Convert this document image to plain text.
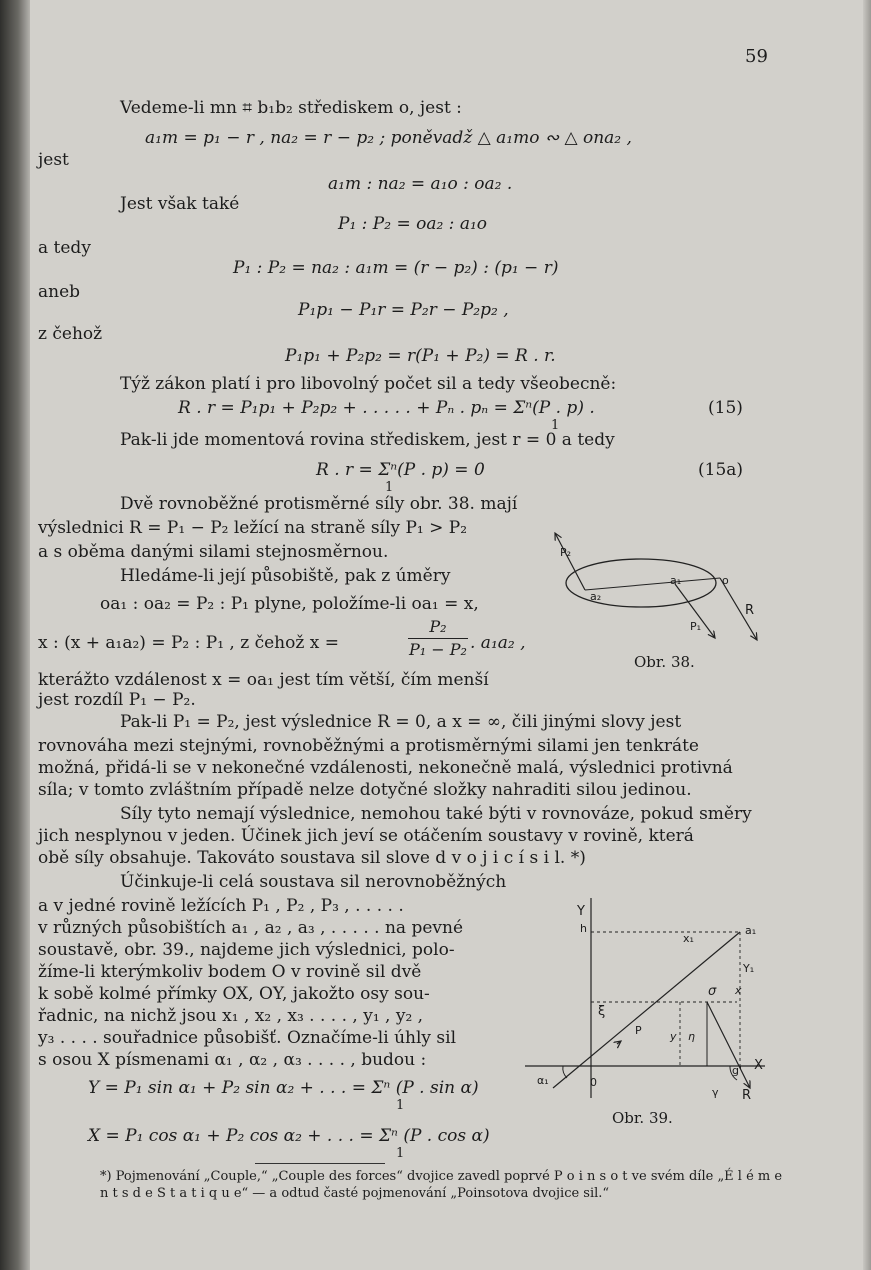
59
Vedeme-li mn ⌗ b₁b₂ střediskem o, jest :
a₁m = p₁ − r , na₂ = r − p₂ ; poněvadž △ a₁mo ∾ △ ona₂ ,
jest
a₁m : na₂ = a₁o : oa₂ .
Jest však také
P₁ : P₂ = oa₂ : a₁o
a tedy
P₁ : P₂ = na₂ : a₁m = (r − p₂) : (p₁ − r)
aneb
P₁p₁ − P₁r = P₂r − P₂p₂ ,
z čehož
P₁p₁ + P₂p₂ = r(P₁ + P₂) = R . r.
Týž zákon platí i pro libovolný počet sil a tedy všeobecně:
R . r = P₁p₁ + P₂p₂ + . . . . . + Pₙ . pₙ = Σⁿ(P . p) .
1
(15)
Pak-li jde momentová rovina střediskem, jest r = 0 a tedy
R . r = Σⁿ(P . p) = 0
1
(15a)
Dvě rovnoběžné protisměrné síly obr. 38. mají
výslednici R = P₁ − P₂ ležící na straně síly P₁ > P₂
a s oběma danými silami stejnosměrnou.
Hledáme-li její působiště, pak z úměry
oa₁ : oa₂ = P₂ : P₁ plyne, položíme-li oa₁ = x,
x : (x + a₁a₂) = P₂ : P₁ , z čehož x =
P₂
P₁ − P₂ . a₁a₂ ,
kterážto vzdálenost x = oa₁ jest tím větší, čím menší
jest rozdíl P₁ − P₂.
Pak-li P₁ = P₂, jest výslednice R = 0, a x = ∞, čili jinými slovy jest
rovnováha mezi stejnými, rovnoběžnými a protisměrnými silami jen tenkráte
možná, přidá-li se v nekonečné vzdálenosti, nekonečně malá, výslednici protivná
síla; v tomto zvláštním případě nelze dotyčné složky nahraditi silou jedinou.
Síly tyto nemají výslednice, nemohou také býti v rovnováze, pokud směry
jich nesplynou v jeden. Účinek jich jeví se otáčením soustavy v rovině, která
obě síly obsahuje. Takováto soustava sil slove d v o j i c í s i l. *)
Účinkuje-li celá soustava sil nerovnoběžných
a v jedné rovině ležících P₁ , P₂ , P₃ , . . . . .
v různých působištích a₁ , a₂ , a₃ , . . . . . na pevné
soustavě, obr. 39., najdeme jich výslednici, polo-
žíme-li kterýmkoliv bodem O v rovině sil dvě
k sobě kolmé přímky OX, OY, jakožto osy sou-
řadnic, na nichž jsou x₁ , x₂ , x₃ . . . . , y₁ , y₂ ,
y₃ . . . . souřadnice působišť. Označíme-li úhly sil
s osou X písmenami α₁ , α₂ , α₃ . . . . , budou :
Y = P₁ sin α₁ + P₂ sin α₂ + . . . = Σⁿ (P . sin α)
1
X = P₁ cos α₁ + P₂ cos α₂ + . . . = Σⁿ (P . cos α)
1
P₂
a₁	o
a₂
P₁
R
Obr. 38.
Y
h	a₁
x₁
Y₁
σ x
ξ
P	y η
0
g' X
α₁
γ R
Obr. 39.
*) Pojmenování „Couple,“ „Couple des forces“ dvojice zavedl poprvé P o i n s o t ve svém díle „É l é m e n t s d e S t a t i q u e“ — a odtud časté pojmenování „Poinsotova dvojice sil.“
